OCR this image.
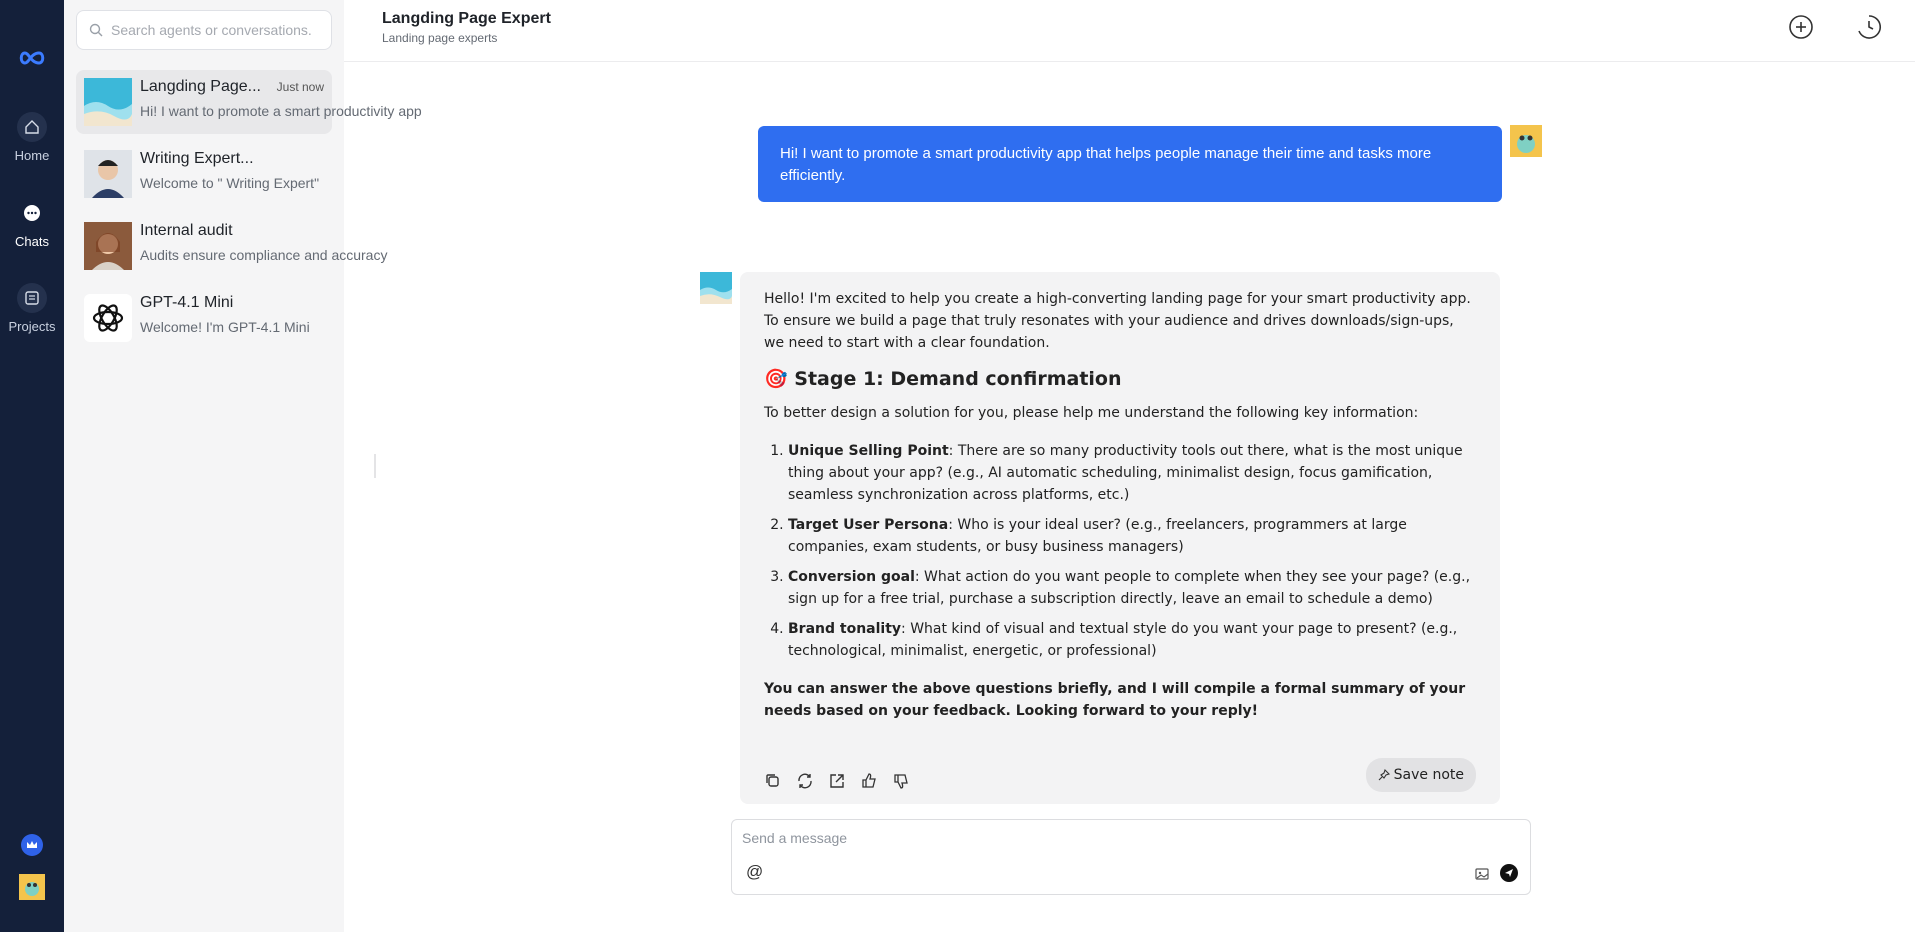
Home
Chats
Projects
Search agents or conversations...
Langding Page... Just now
Hi! I want to promote a smart productivity app
Writing Expert...
Welcome to " Writing Expert"
Internal audit
Audits ensure compliance and accuracy
GPT-4.1 Mini
Welcome! I'm GPT-4.1 Mini
Langding Page Expert
Landing page experts
Hi! I want to promote a smart productivity app that helps people manage their time and tasks more efficiently.

Hello! I'm excited to help you create a high-converting landing page for your smart productivity app. To ensure we build a page that truly resonates with your audience and drives downloads/sign-ups, we need to start with a clear foundation.

🎯 Stage 1: Demand confirmation

To better design a solution for you, please help me understand the following key information:

1. Unique Selling Point: There are so many productivity tools out there, what is the most unique thing about your app? (e.g., AI automatic scheduling, minimalist design, focus gamification, seamless synchronization across platforms, etc.)
2. Target User Persona: Who is your ideal user? (e.g., freelancers, programmers at large companies, exam students, or busy business managers)
3. Conversion goal: What action do you want people to complete when they see your page? (e.g., sign up for a free trial, purchase a subscription directly, leave an email to schedule a demo)
4. Brand tonality: What kind of visual and textual style do you want your page to present? (e.g., technological, minimalist, energetic, or professional)

You can answer the above questions briefly, and I will compile a formal summary of your needs based on your feedback. Looking forward to your reply!

Save note
Send a message
@
